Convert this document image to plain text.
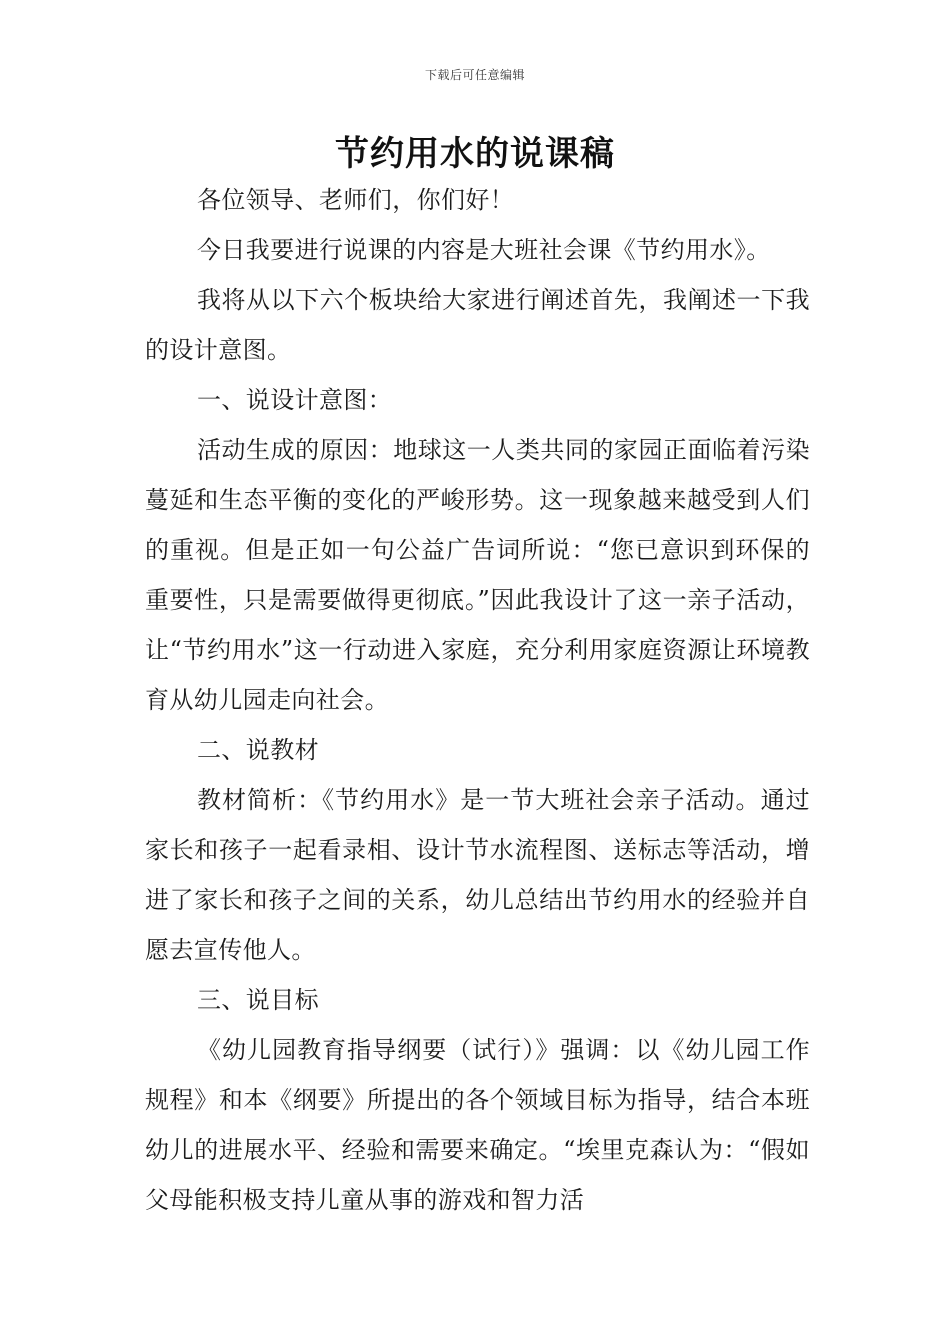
下载后可任意编辑
节约用水的说课稿

各位领导、老师们，你们好！

今日我要进行说课的内容是大班社会课《节约用水》。

我将从以下六个板块给大家进行阐述首先，我阐述一下我的设计意图。

一、说设计意图：

活动生成的原因：地球这一人类共同的家园正面临着污染蔓延和生态平衡的变化的严峻形势。这一现象越来越受到人们的重视。但是正如一句公益广告词所说：“您已意识到环保的重要性，只是需要做得更彻底。”因此我设计了这一亲子活动，让“节约用水”这一行动进入家庭，充分利用家庭资源让环境教育从幼儿园走向社会。

二、说教材

教材简析：《节约用水》是一节大班社会亲子活动。通过家长和孩子一起看录相、设计节水流程图、送标志等活动，增进了家长和孩子之间的关系，幼儿总结出节约用水的经验并自愿去宣传他人。

三、说目标

《幼儿园教育指导纲要（试行）》强调：以《幼儿园工作规程》和本《纲要》所提出的各个领域目标为指导，结合本班幼儿的进展水平、经验和需要来确定。“埃里克森认为：“假如父母能积极支持儿童从事的游戏和智力活
